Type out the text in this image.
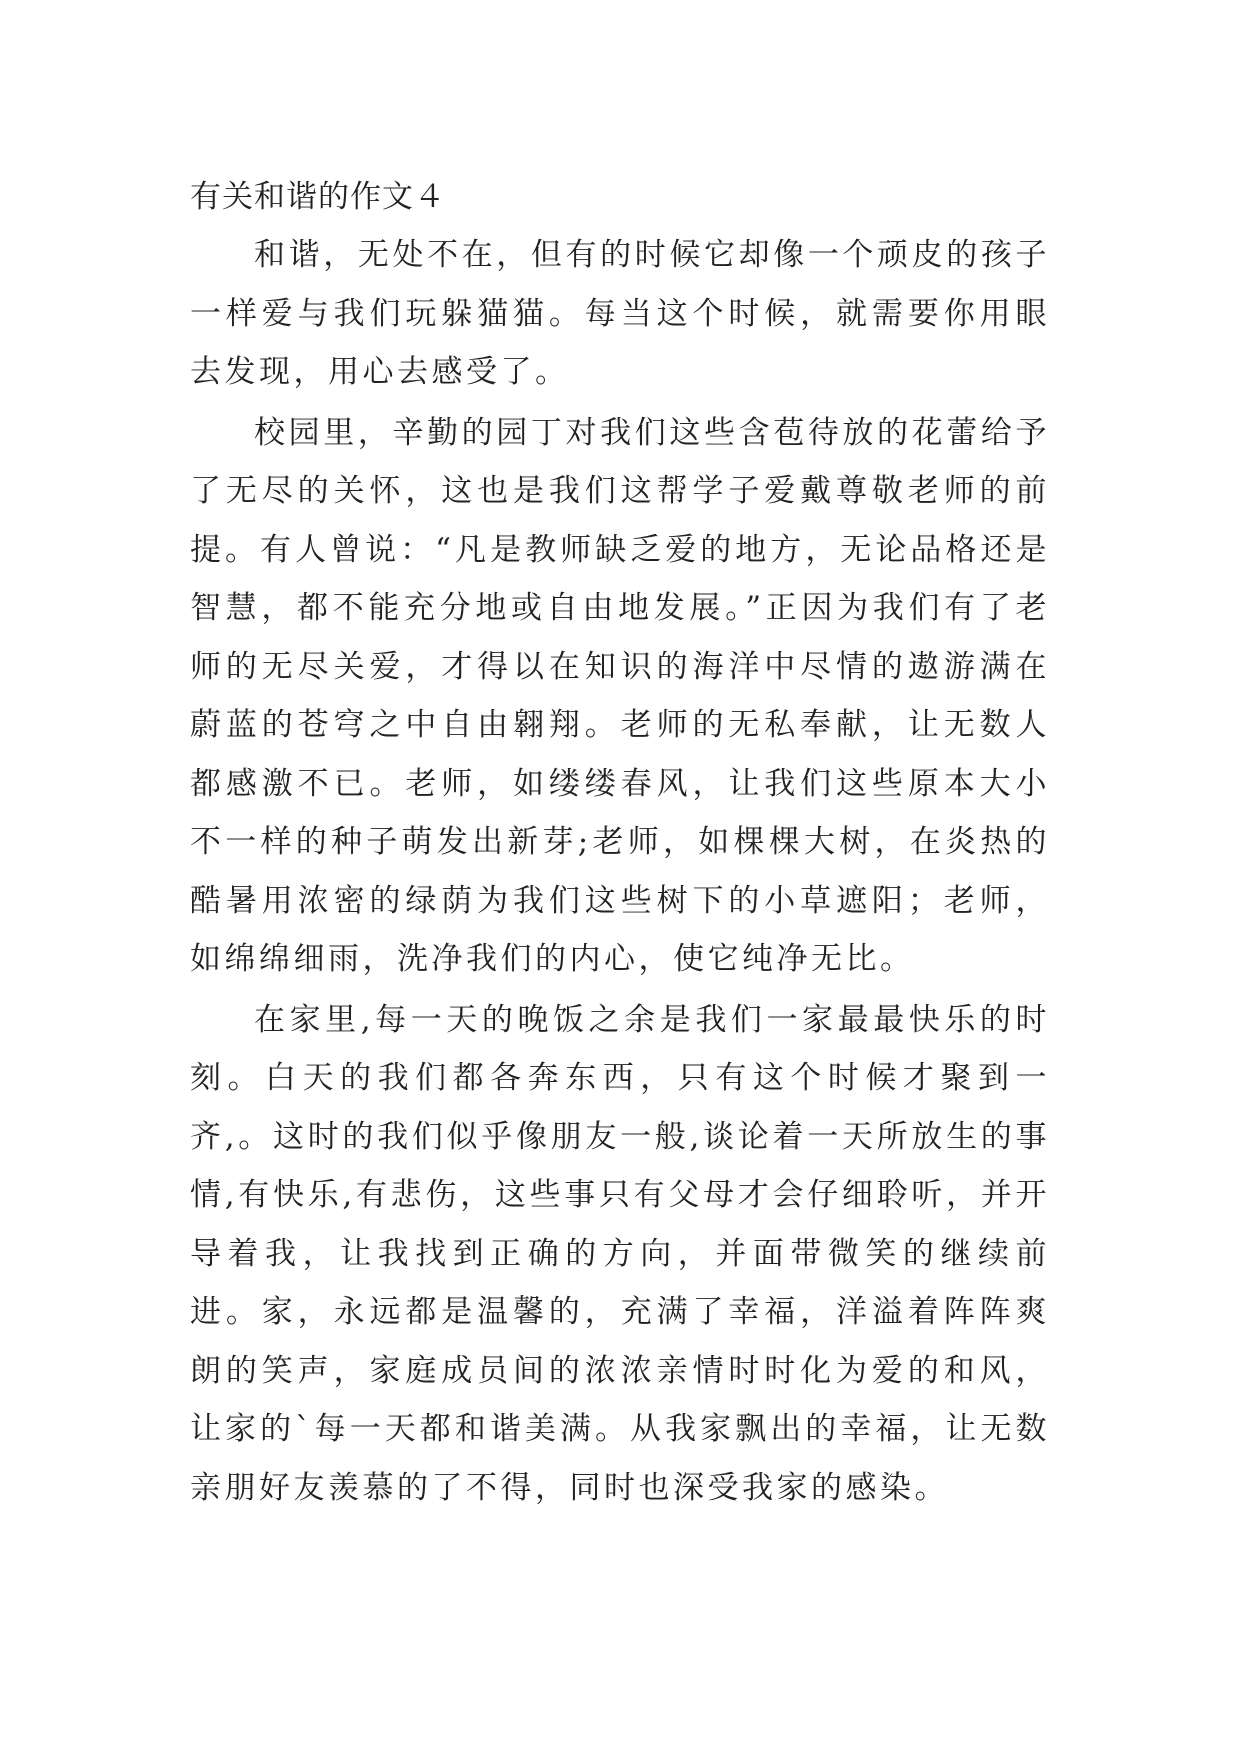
有关和谐的作文４

和谐，无处不在，但有的时候它却像一个顽皮的孩子一样爱与我们玩躲猫猫。每当这个时候，就需要你用眼去发现，用心去感受了。

校园里，辛勤的园丁对我们这些含苞待放的花蕾给予了无尽的关怀，这也是我们这帮学子爱戴尊敬老师的前提。有人曾说：“凡是教师缺乏爱的地方，无论品格还是智慧，都不能充分地或自由地发展。”正因为我们有了老师的无尽关爱，才得以在知识的海洋中尽情的遨游满在蔚蓝的苍穹之中自由翱翔。老师的无私奉献，让无数人都感激不已。老师，如缕缕春风，让我们这些原本大小不一样的种子萌发出新芽;老师，如棵棵大树，在炎热的酷暑用浓密的绿荫为我们这些树下的小草遮阳；老师，如绵绵细雨，洗净我们的内心，使它纯净无比。

在家里,每一天的晚饭之余是我们一家最最快乐的时刻。白天的我们都各奔东西，只有这个时候才聚到一齐,。这时的我们似乎像朋友一般,谈论着一天所放生的事情,有快乐,有悲伤，这些事只有父母才会仔细聆听，并开导着我，让我找到正确的方向，并面带微笑的继续前进。家，永远都是温馨的，充满了幸福，洋溢着阵阵爽朗的笑声，家庭成员间的浓浓亲情时时化为爱的和风，让家的`每一天都和谐美满。从我家飘出的幸福，让无数亲朋好友羡慕的了不得，同时也深受我家的感染。
